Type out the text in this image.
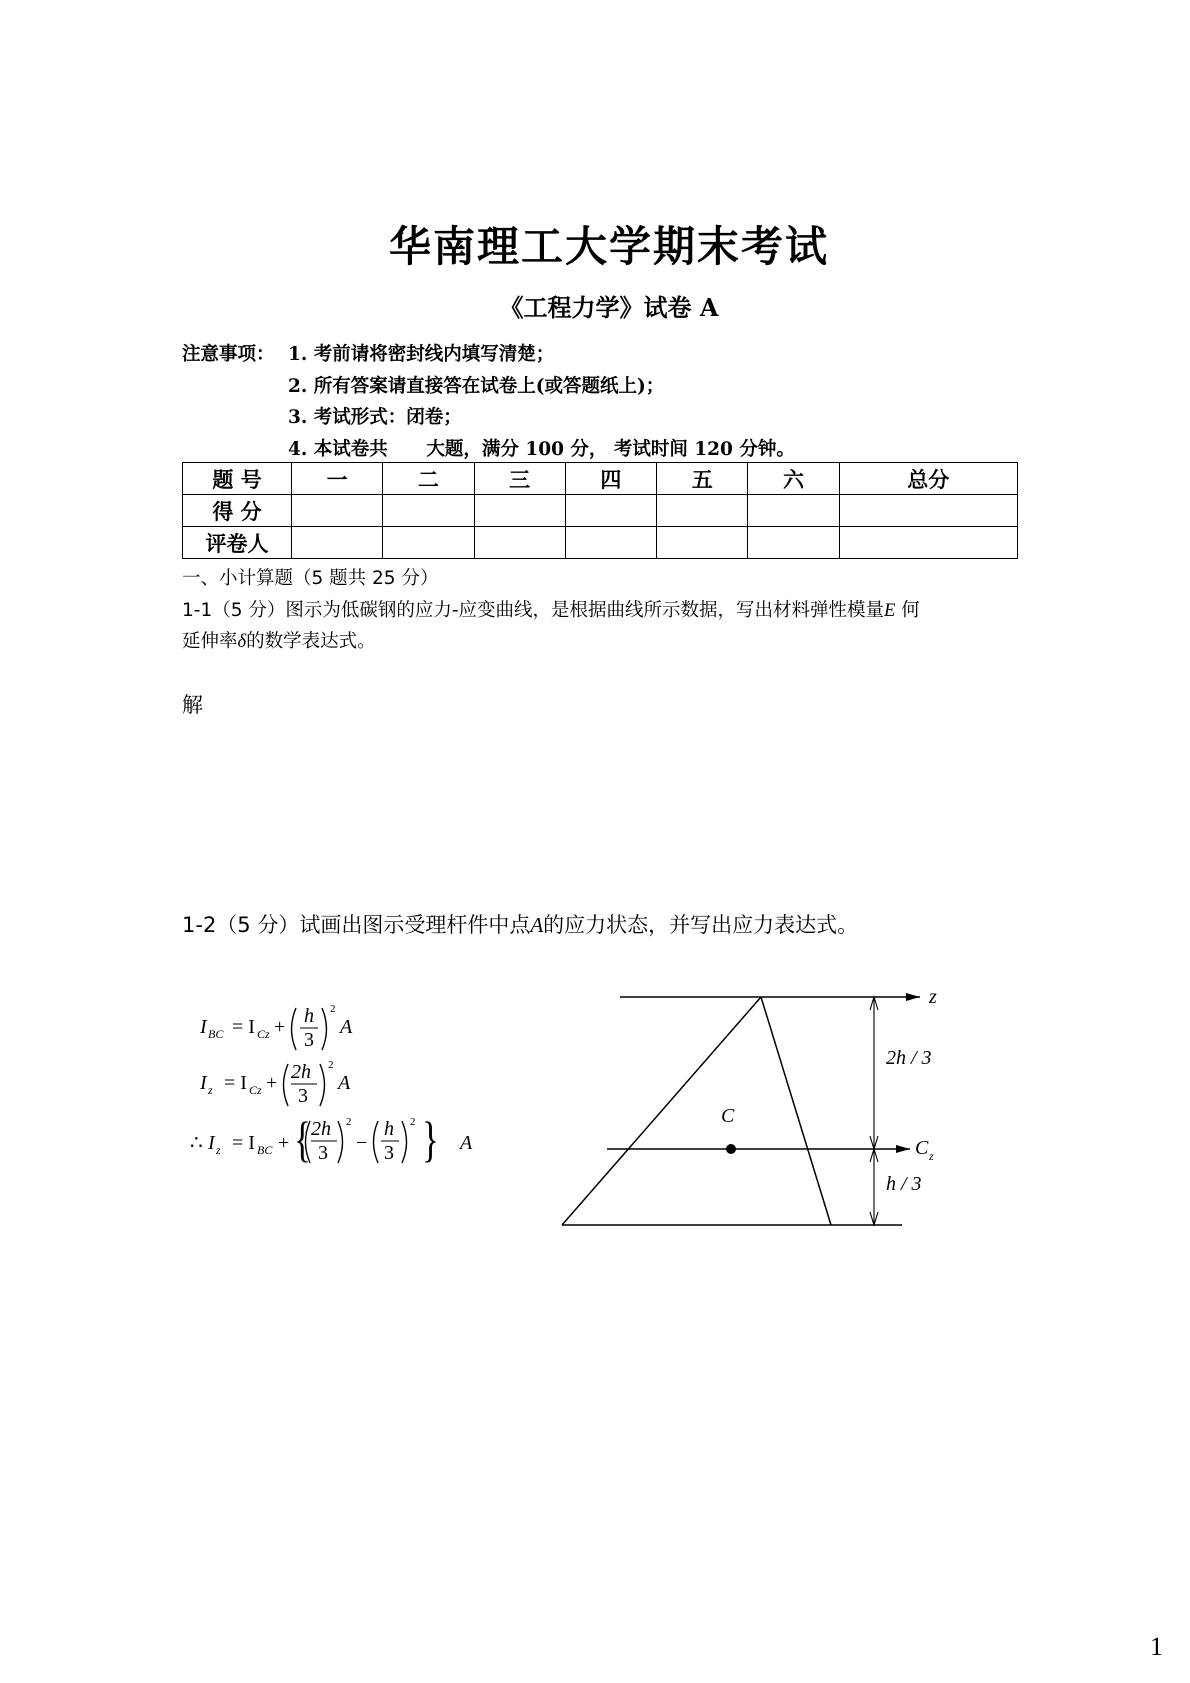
华南理工大学期末考试
《工程力学》试卷 A
注意事项： 1. 考前请将密封线内填写清楚；
2. 所有答案请直接答在试卷上(或答题纸上)；
3. 考试形式：闭卷；
4. 本试卷共      大题，满分 100 分， 考试时间 120 分钟。
题 号	一	二	三	四	五	六	总分
得 分							
评卷人							
一、小计算题（5 题共 25 分）
1-1（5 分）图示为低碳钢的应力-应变曲线，是根据曲线所示数据，写出材料弹性模量E 何
延伸率δ的数学表达式。
解
1-2（5 分）试画出图示受理杆件中点A的应力状态，并写出应力表达式。
I BC = I Cz + h
3
2
A
I z = I Cz + 2h
3
2
A
∴ I z = I BC + { 2h
3
2
−
h
3
2 } A
z
C z
C
2h / 3
h / 3
1
